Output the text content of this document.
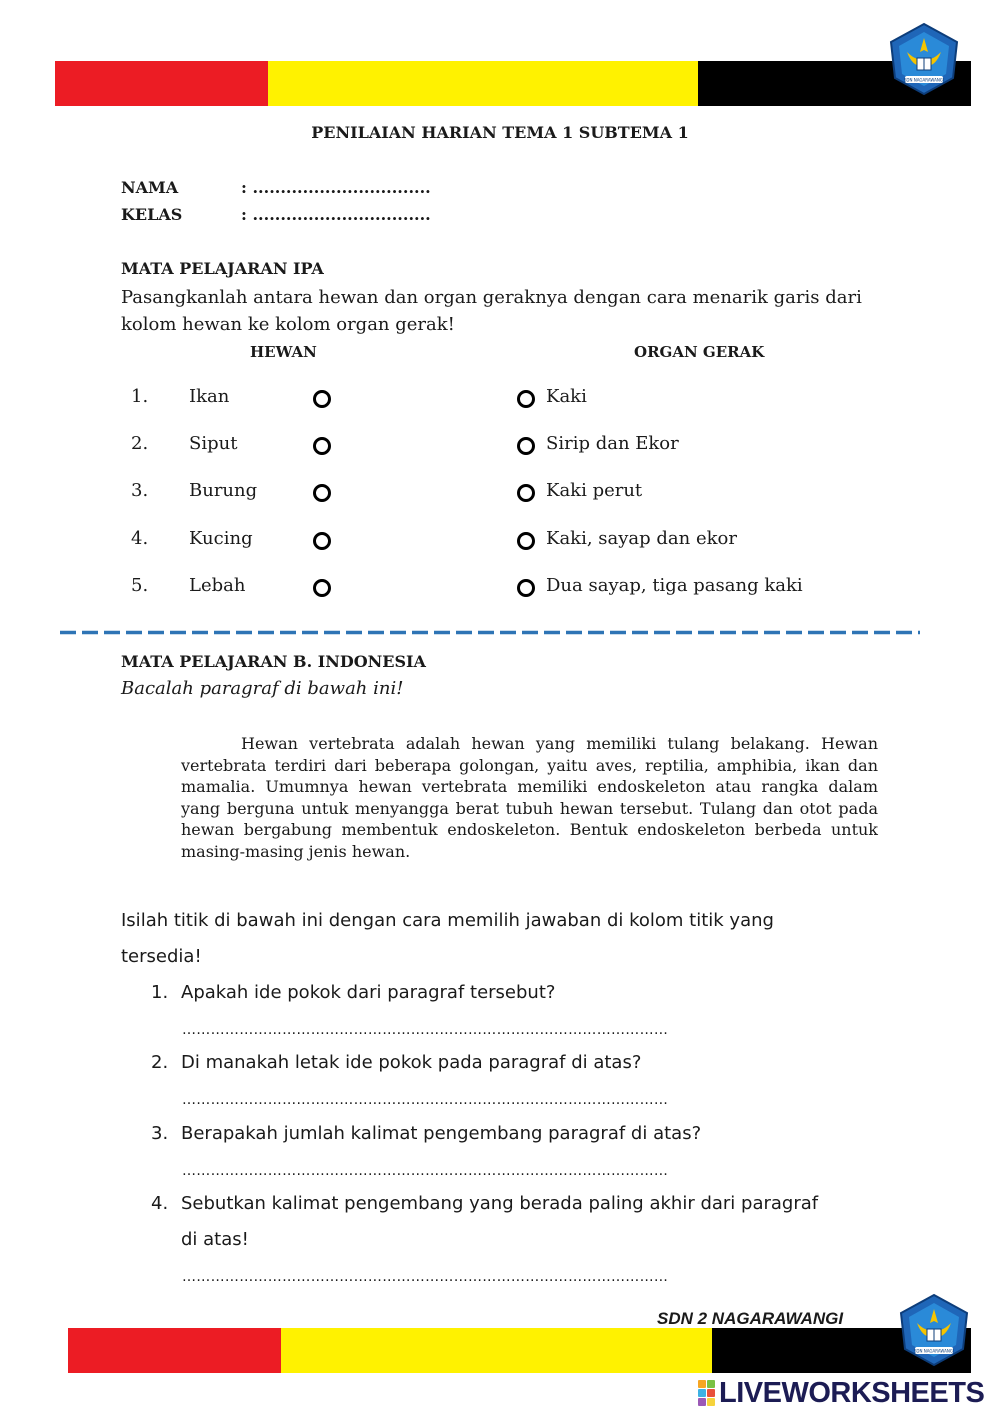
SDN NAGARAWANGI
PENILAIAN HARIAN TEMA 1 SUBTEMA 1
NAMA	: ................................
KELAS	: ................................
MATA PELAJARAN IPA
Pasangkanlah antara hewan dan organ geraknya dengan cara menarik garis dari kolom hewan ke kolom organ gerak!
HEWAN	ORGAN GERAK
1. Ikan	Kaki
2. Siput	Sirip dan Ekor
3. Burung	Kaki perut
4. Kucing	Kaki, sayap dan ekor
5. Lebah	Dua sayap, tiga pasang kaki
MATA PELAJARAN B. INDONESIA
Bacalah paragraf di bawah ini!
Hewan vertebrata adalah hewan yang memiliki tulang belakang. Hewan vertebrata terdiri dari beberapa golongan, yaitu aves, reptilia, amphibia, ikan dan mamalia. Umumnya hewan vertebrata memiliki endoskeleton atau rangka dalam yang berguna untuk menyangga berat tubuh hewan tersebut. Tulang dan otot pada hewan bergabung membentuk endoskeleton. Bentuk endoskeleton berbeda untuk masing-masing jenis hewan.
Isilah titik di bawah ini dengan cara memilih jawaban di kolom titik yang
tersedia!
1. Apakah ide pokok dari paragraf tersebut?
…………………………………………………………………………………………
2. Di manakah letak ide pokok pada paragraf di atas?
…………………………………………………………………………………………
3. Berapakah jumlah kalimat pengembang paragraf di atas?
…………………………………………………………………………………………
4. Sebutkan kalimat pengembang yang berada paling akhir dari paragraf
di atas!
…………………………………………………………………………………………
SDN 2 NAGARAWANGI
SDN NAGARAWANGI
LIVEWORKSHEETS
